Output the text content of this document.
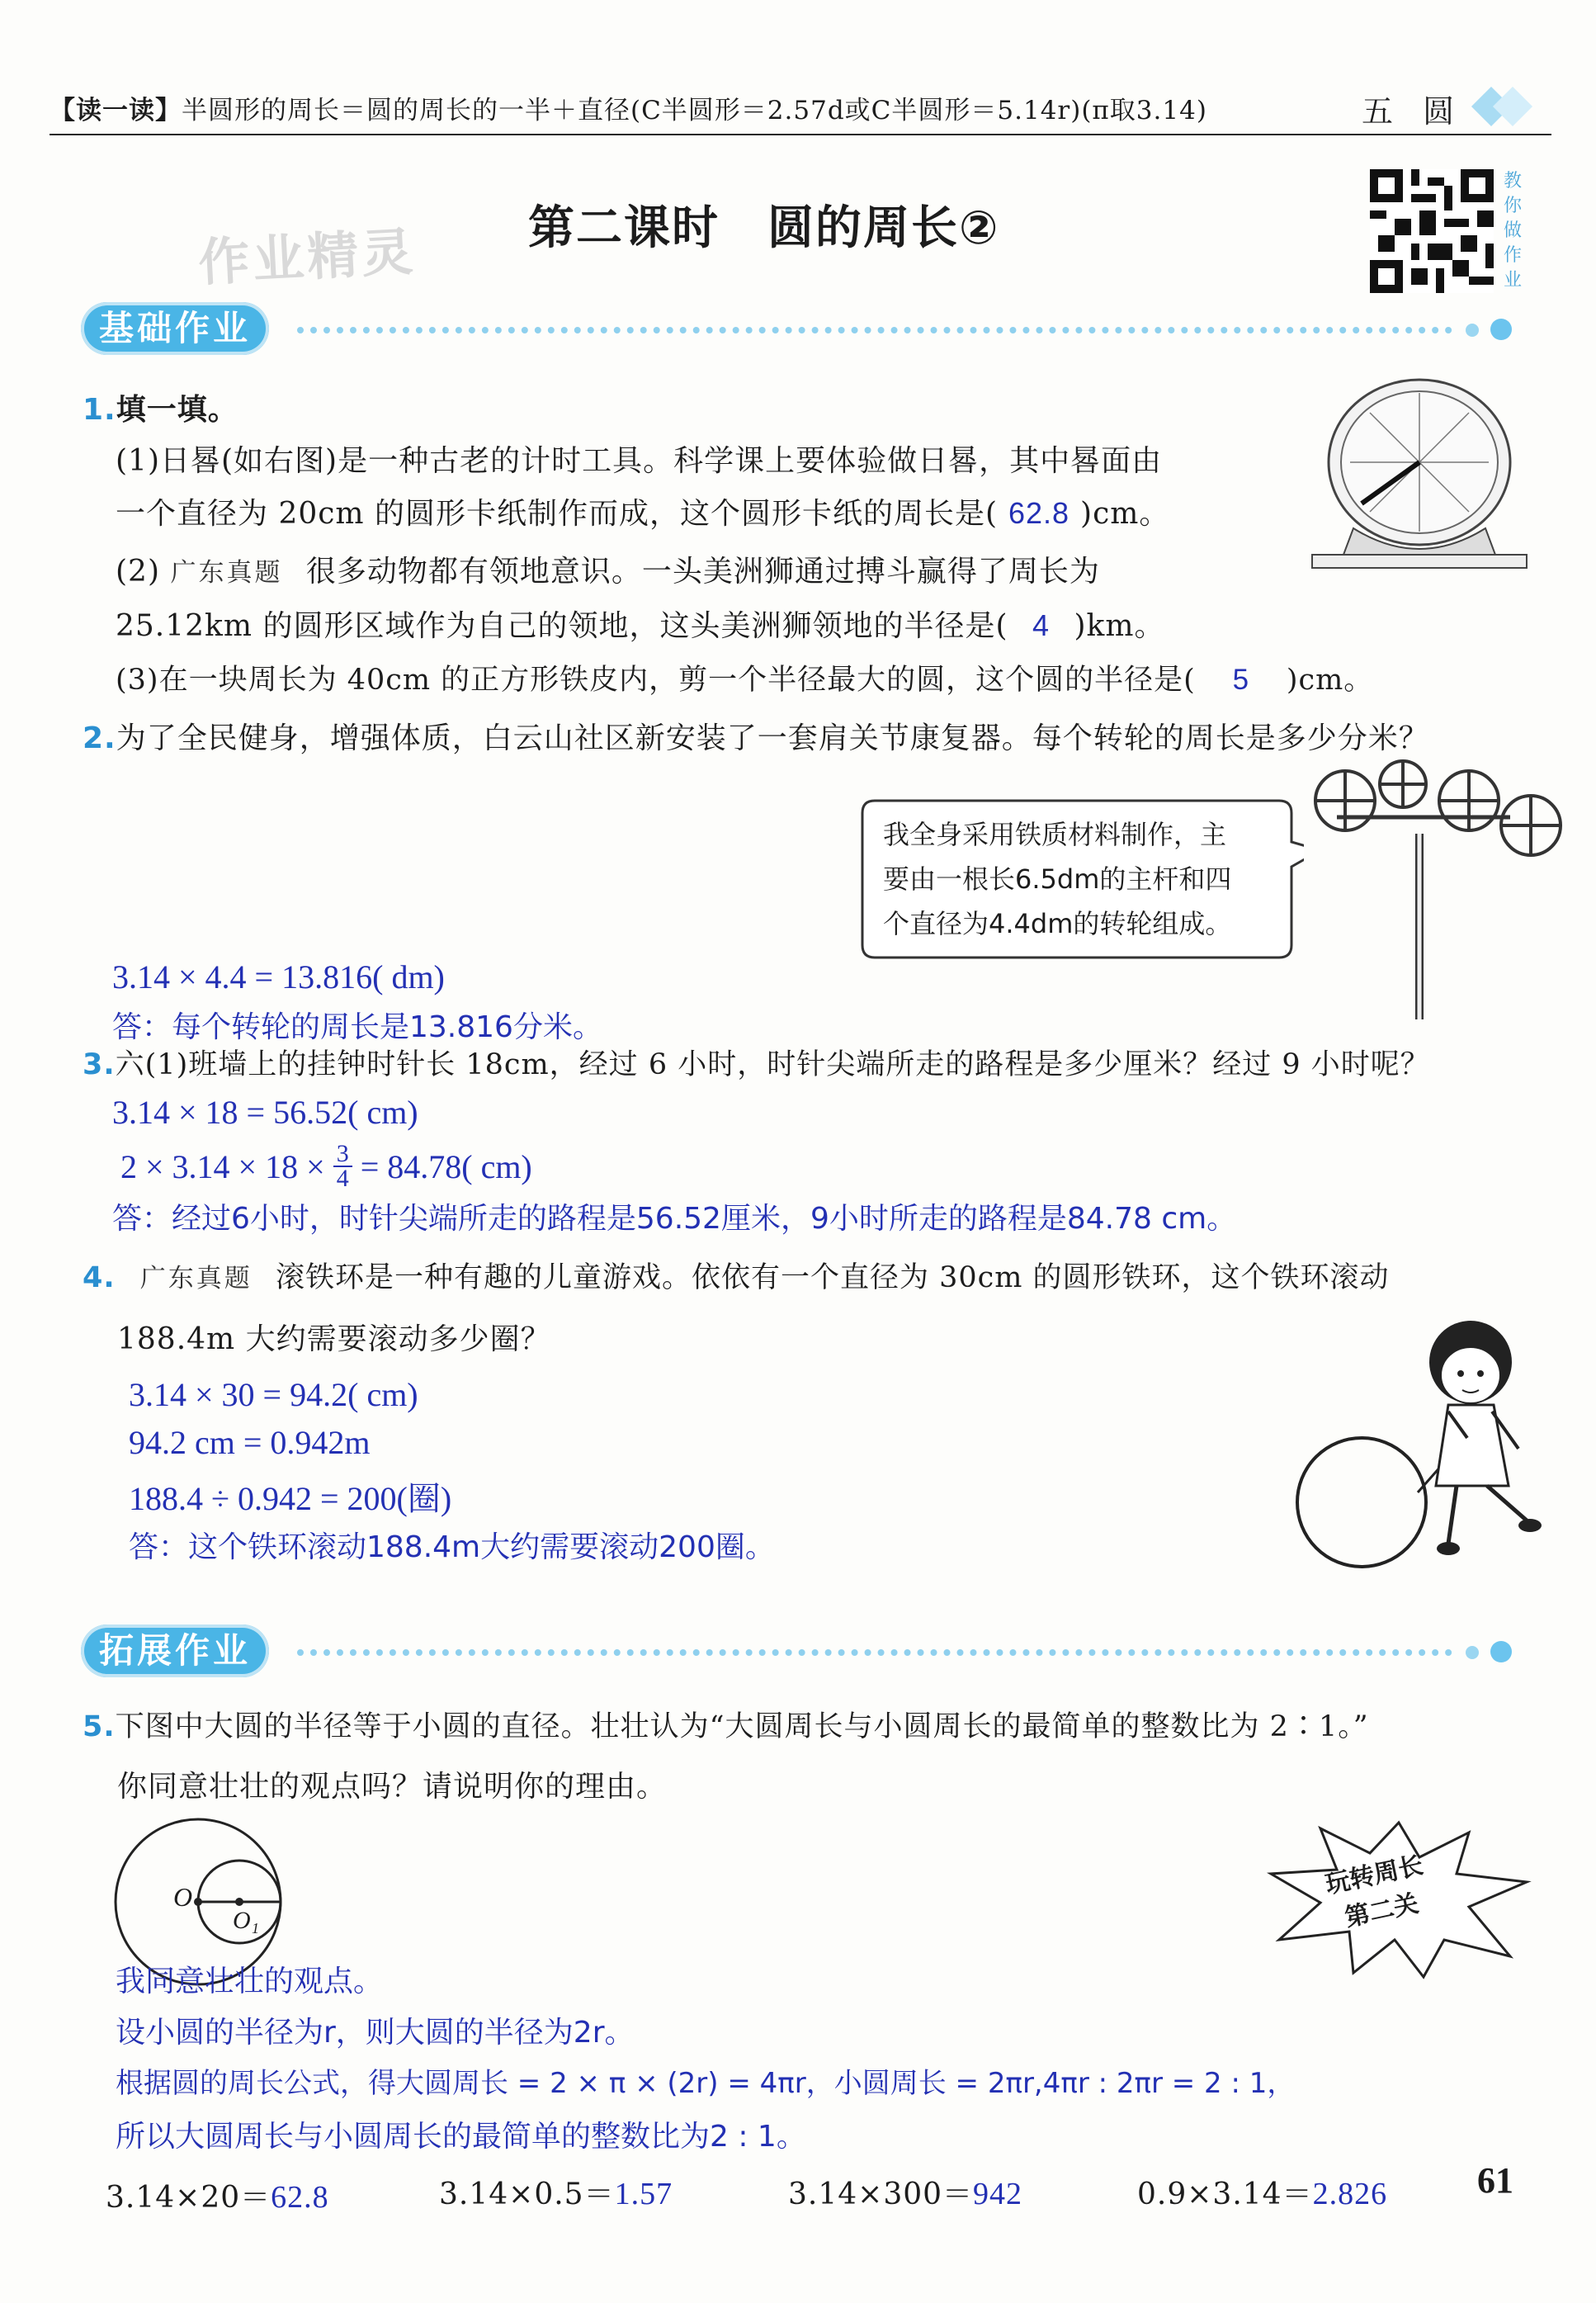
【读一读】半圆形的周长＝圆的周长的一半＋直径(C半圆形＝2.57d或C半圆形＝5.14r)(π取3.14)	五 圆
作业精灵 第二课时　圆的周长②
教你做作业
基础作业
1.填一填。
(1)日晷(如右图)是一种古老的计时工具。科学课上要体验做日晷，其中晷面由
一个直径为 20cm 的圆形卡纸制作而成，这个圆形卡纸的周长是( 62.8 )cm。
(2) 广东真题 很多动物都有领地意识。一头美洲狮通过搏斗赢得了周长为
25.12km 的圆形区域作为自己的领地，这头美洲狮领地的半径是( 4 )km。
(3)在一块周长为 40cm 的正方形铁皮内，剪一个半径最大的圆，这个圆的半径是( 5 )cm。
2.为了全民健身，增强体质，白云山社区新安装了一套肩关节康复器。每个转轮的周长是多少分米？
我全身采用铁质材料制作，主
要由一根长6.5dm的主杆和四
个直径为4.4dm的转轮组成。
3.14 × 4.4 = 13.816( dm)
答：每个转轮的周长是13.816分米。
3.六(1)班墙上的挂钟时针长 18cm，经过 6 小时，时针尖端所走的路程是多少厘米？经过 9 小时呢？
3.14 × 18 = 56.52( cm)
$2 \times 3.14 \times 18 \times \frac{3}{4} = 84.78$( cm)
答：经过6小时，时针尖端所走的路程是56.52厘米，9小时所走的路程是84.78 cm。
4. 广东真题 滚铁环是一种有趣的儿童游戏。依依有一个直径为 30cm 的圆形铁环，这个铁环滚动
188.4m 大约需要滚动多少圈？
3.14 × 30 = 94.2( cm)
94.2 cm = 0.942m
188.4 ÷ 0.942 = 200(圈)
答：这个铁环滚动188.4m大约需要滚动200圈。
拓展作业
5.下图中大圆的半径等于小圆的直径。壮壮认为“大圆周长与小圆周长的最简单的整数比为 2∶1。”
你同意壮壮的观点吗？请说明你的理由。
O
O₁
玩转周长
第二关
我同意壮壮的观点。
设小圆的半径为r，则大圆的半径为2r。
根据圆的周长公式，得大圆周长 = 2 × π × (2r) = 4πr，小圆周长 = 2πr,4πr : 2πr = 2 : 1，
所以大圆周长与小圆周长的最简单的整数比为2 : 1。
3.14×20＝62.8	3.14×0.5＝1.57	3.14×300＝942	0.9×3.14＝2.826 61
